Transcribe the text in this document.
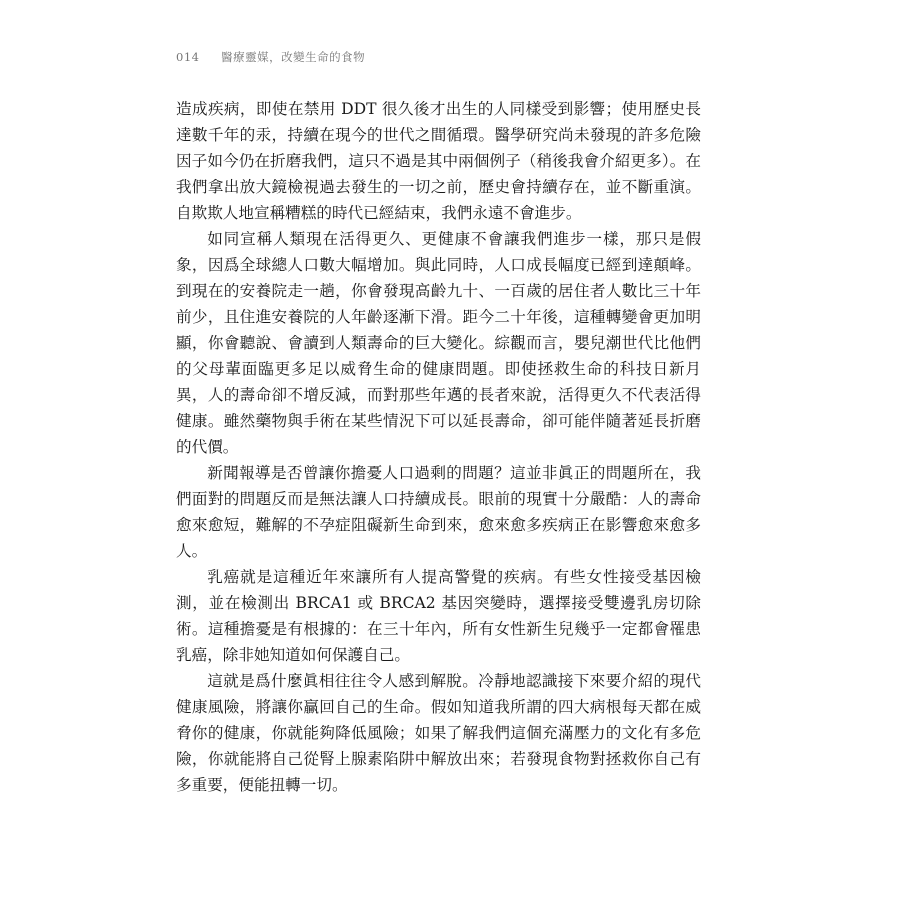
014 醫療靈媒，改變生命的食物

造成疾病，即使在禁用 DDT 很久後才出生的人同樣受到影響；使用歷史長達數千年的汞，持續在現今的世代之間循環。醫學研究尚未發現的許多危險因子如今仍在折磨我們，這只不過是其中兩個例子（稍後我會介紹更多）。在我們拿出放大鏡檢視過去發生的一切之前，歷史會持續存在，並不斷重演。自欺欺人地宣稱糟糕的時代已經結束，我們永遠不會進步。

如同宣稱人類現在活得更久、更健康不會讓我們進步一樣，那只是假象，因爲全球總人口數大幅增加。與此同時，人口成長幅度已經到達顛峰。到現在的安養院走一趟，你會發現高齡九十、一百歲的居住者人數比三十年前少，且住進安養院的人年齡逐漸下滑。距今二十年後，這種轉變會更加明顯，你會聽說、會讀到人類壽命的巨大變化。綜觀而言，嬰兒潮世代比他們的父母輩面臨更多足以威脅生命的健康問題。即使拯救生命的科技日新月異，人的壽命卻不增反減，而對那些年邁的長者來說，活得更久不代表活得健康。雖然藥物與手術在某些情況下可以延長壽命，卻可能伴隨著延長折磨的代價。

新聞報導是否曾讓你擔憂人口過剩的問題？這並非眞正的問題所在，我們面對的問題反而是無法讓人口持續成長。眼前的現實十分嚴酷：人的壽命愈來愈短，難解的不孕症阻礙新生命到來，愈來愈多疾病正在影響愈來愈多人。

乳癌就是這種近年來讓所有人提高警覺的疾病。有些女性接受基因檢測，並在檢測出 BRCA1 或 BRCA2 基因突變時，選擇接受雙邊乳房切除術。這種擔憂是有根據的：在三十年內，所有女性新生兒幾乎一定都會罹患乳癌，除非她知道如何保護自己。

這就是爲什麼眞相往往令人感到解脫。冷靜地認識接下來要介紹的現代健康風險，將讓你贏回自己的生命。假如知道我所謂的四大病根每天都在威脅你的健康，你就能夠降低風險；如果了解我們這個充滿壓力的文化有多危險，你就能將自己從腎上腺素陷阱中解放出來；若發現食物對拯救你自己有多重要，便能扭轉一切。
